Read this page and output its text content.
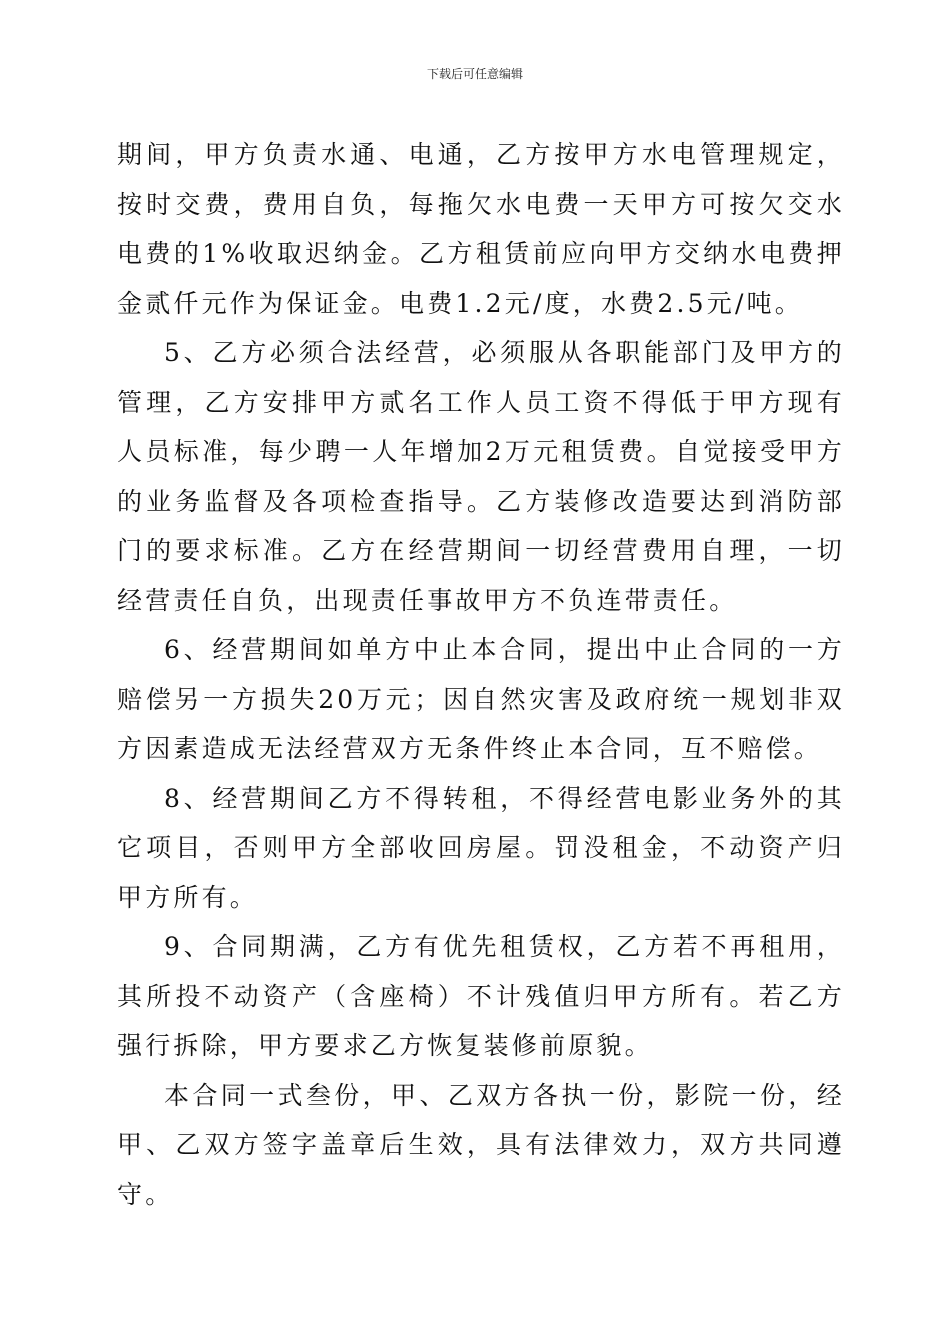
下载后可任意编辑

期间，甲方负责水通、电通，乙方按甲方水电管理规定，按时交费，费用自负，每拖欠水电费一天甲方可按欠交水电费的1%收取迟纳金。乙方租赁前应向甲方交纳水电费押金贰仟元作为保证金。电费1.2元/度，水费2.5元/吨。

5、乙方必须合法经营，必须服从各职能部门及甲方的管理，乙方安排甲方贰名工作人员工资不得低于甲方现有人员标准，每少聘一人年增加2万元租赁费。自觉接受甲方的业务监督及各项检查指导。乙方装修改造要达到消防部门的要求标准。乙方在经营期间一切经营费用自理，一切经营责任自负，出现责任事故甲方不负连带责任。

6、经营期间如单方中止本合同，提出中止合同的一方赔偿另一方损失20万元；因自然灾害及政府统一规划非双方因素造成无法经营双方无条件终止本合同，互不赔偿。

8、经营期间乙方不得转租，不得经营电影业务外的其它项目，否则甲方全部收回房屋。罚没租金，不动资产归甲方所有。

9、合同期满，乙方有优先租赁权，乙方若不再租用，其所投不动资产（含座椅）不计残值归甲方所有。若乙方强行拆除，甲方要求乙方恢复装修前原貌。

本合同一式叁份，甲、乙双方各执一份，影院一份，经甲、乙双方签字盖章后生效，具有法律效力，双方共同遵守。
